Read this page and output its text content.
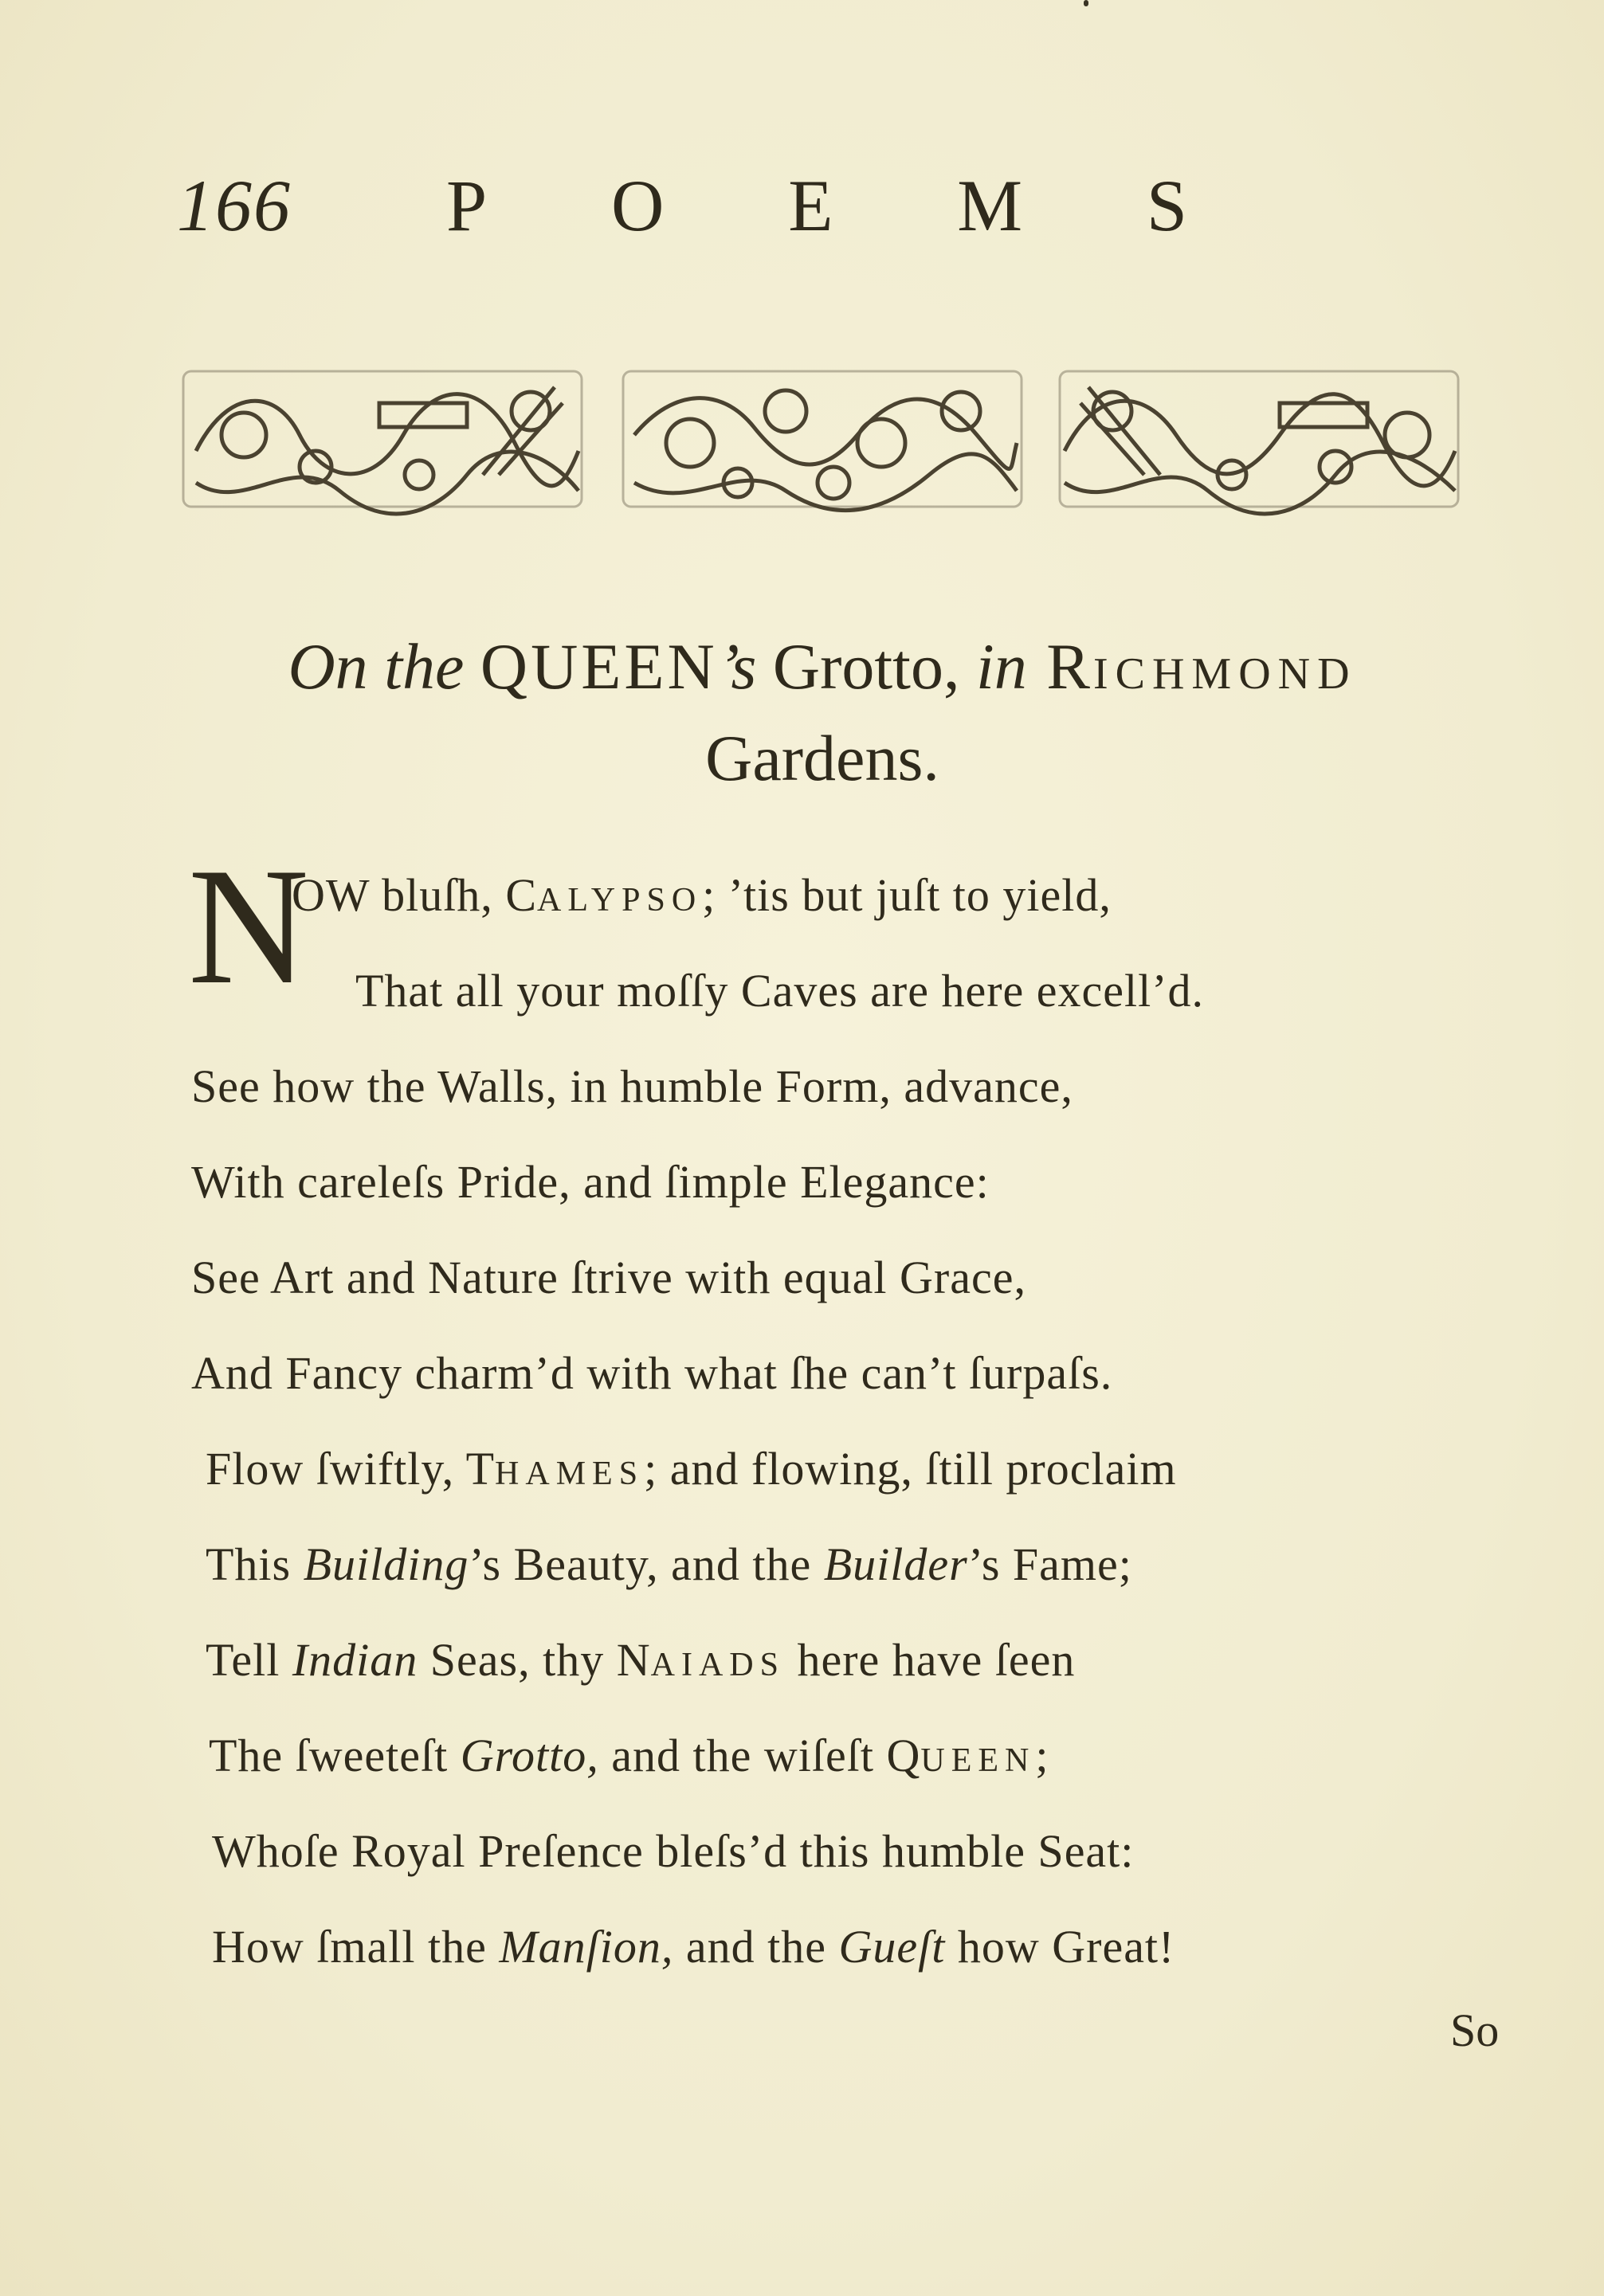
166 P O E M S
On the QUEEN’s Grotto, in RICHMOND
Gardens.
N
OW bluſh, CALYPSO; ’tis but juſt to yield,
That all your moſſy Caves are here excell’d.
See how the Walls, in humble Form, advance,
With careleſs Pride, and ſimple Elegance:
See Art and Nature ſtrive with equal Grace,
And Fancy charm’d with what ſhe can’t ſurpaſs.
Flow ſwiftly, THAMES; and flowing, ſtill proclaim
This Building’s Beauty, and the Builder’s Fame;
Tell Indian Seas, thy NAIADS here have ſeen
The ſweeteſt Grotto, and the wiſeſt QUEEN;
Whoſe Royal Preſence bleſs’d this humble Seat:
How ſmall the Manſion, and the Gueſt how Great!
So
